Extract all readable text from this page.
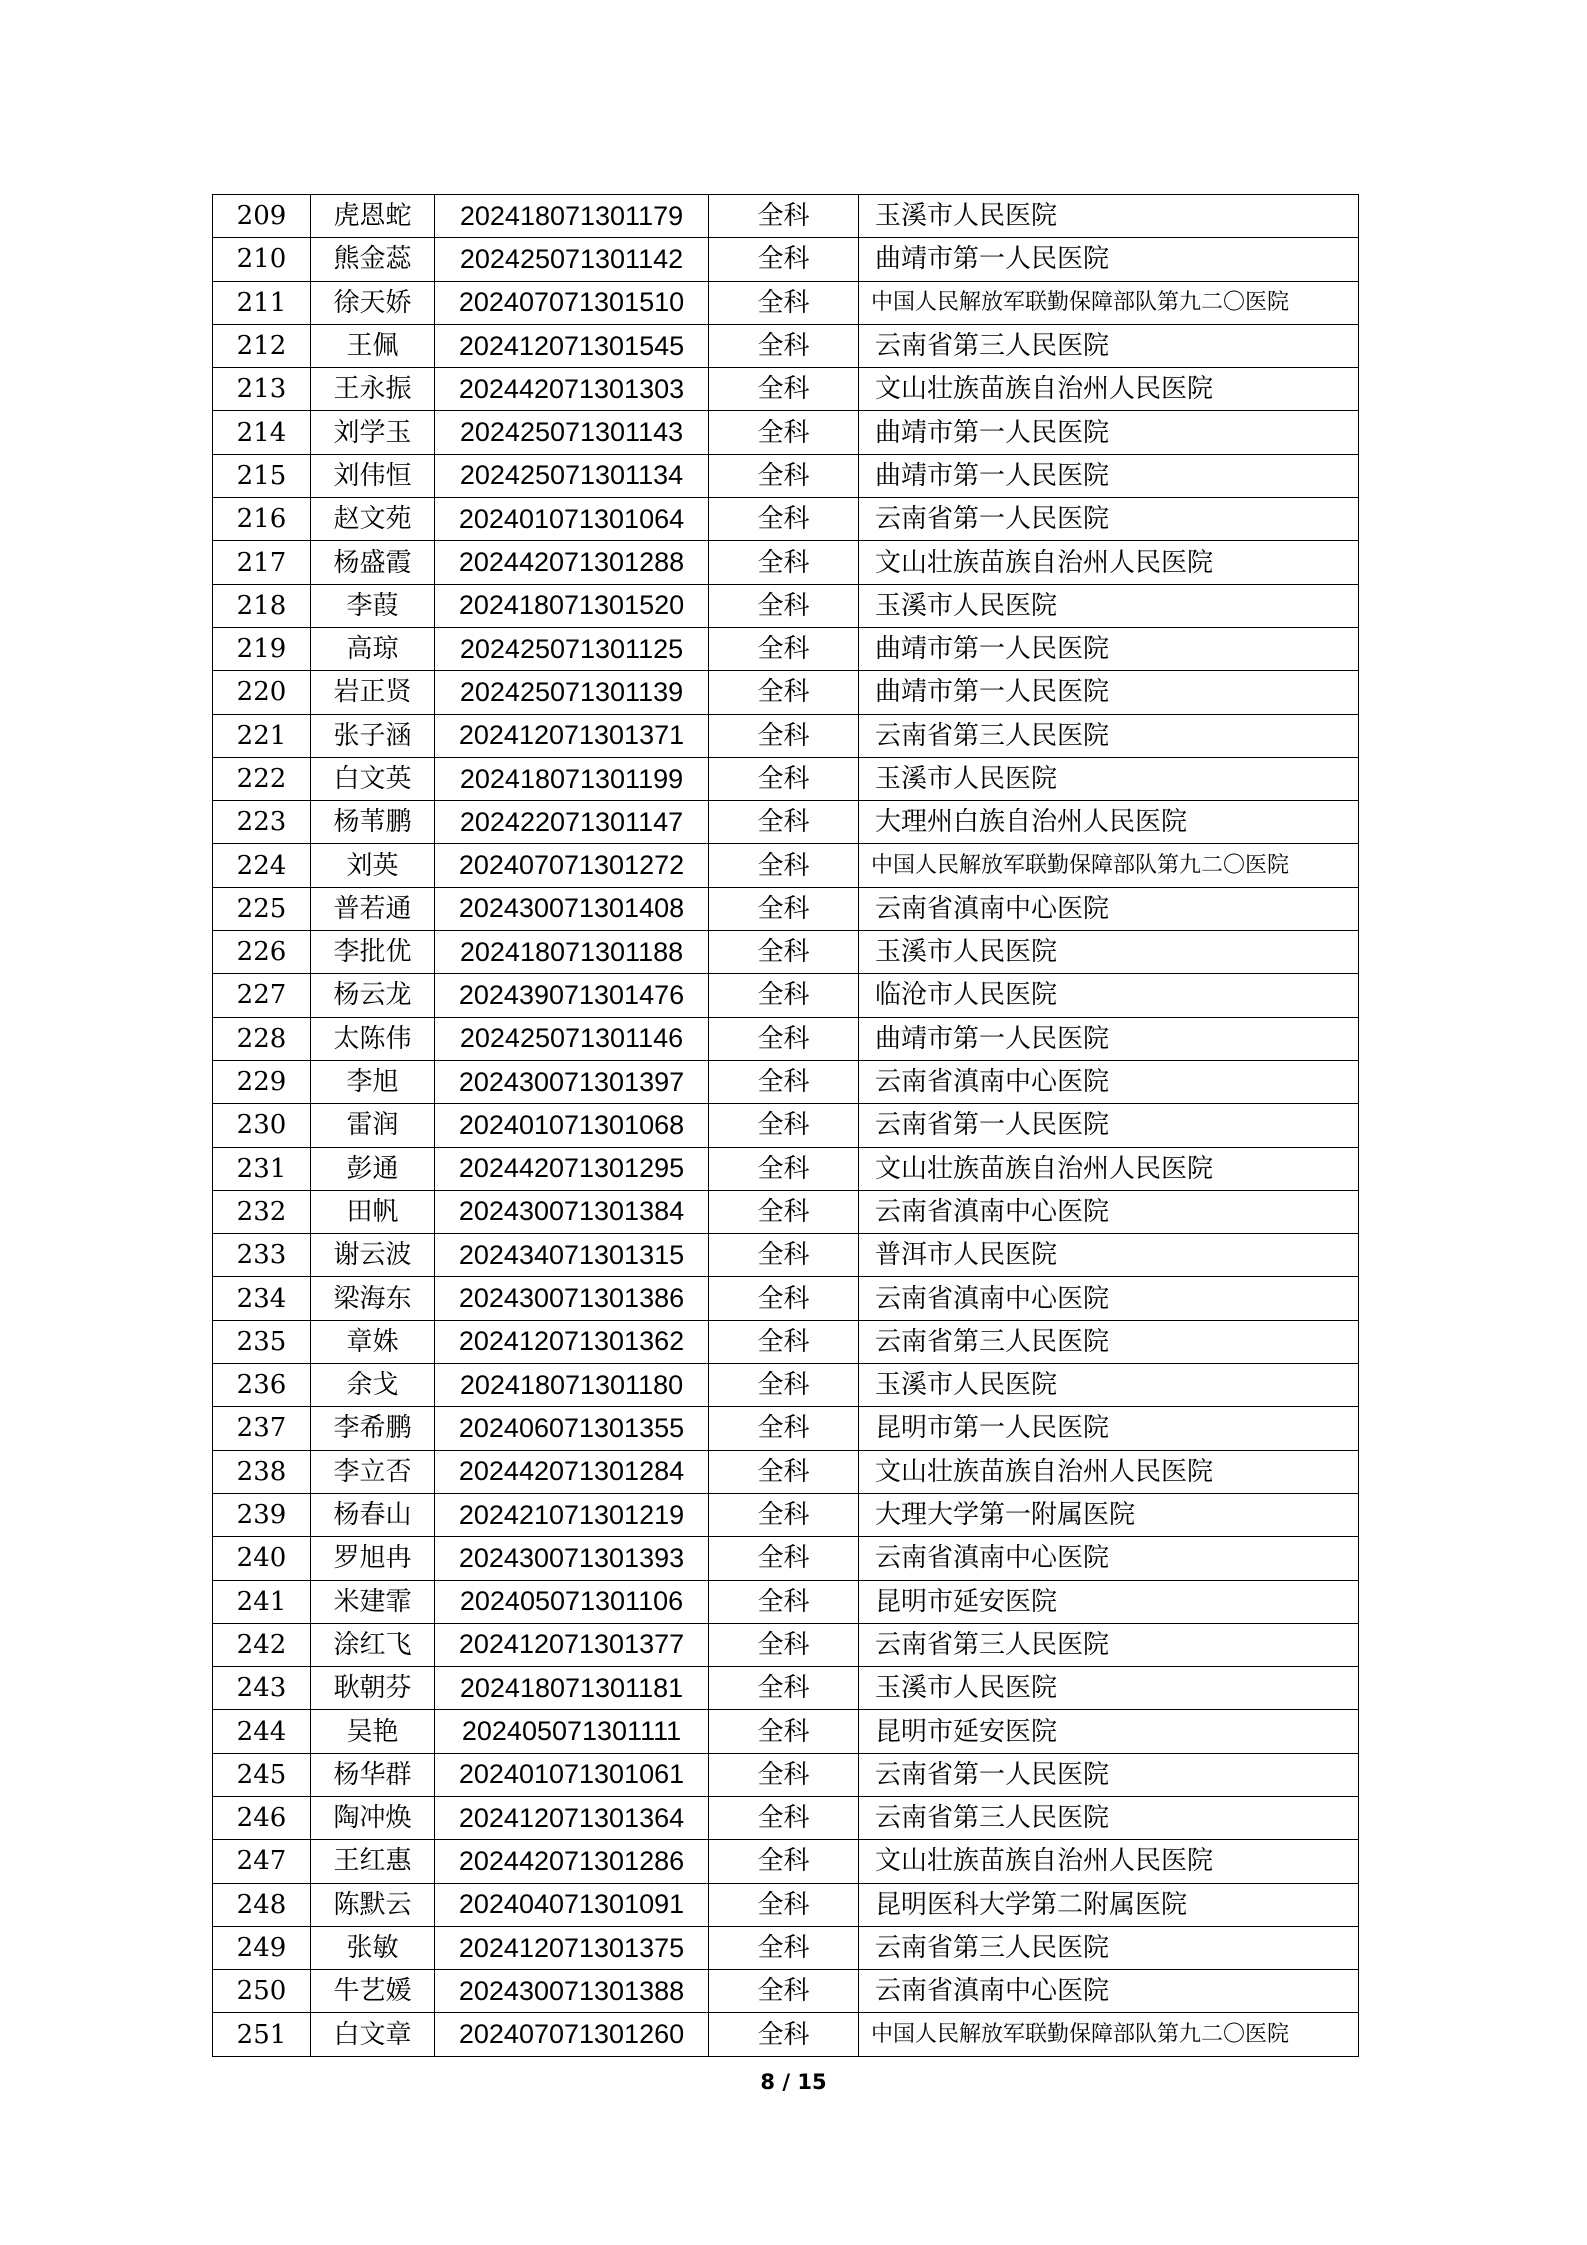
209	虎恩蛇	202418071301179	全科	玉溪市人民医院
210	熊金蕊	202425071301142	全科	曲靖市第一人民医院
211	徐天娇	202407071301510	全科	中国人民解放军联勤保障部队第九二〇医院
212	王佩	202412071301545	全科	云南省第三人民医院
213	王永振	202442071301303	全科	文山壮族苗族自治州人民医院
214	刘学玉	202425071301143	全科	曲靖市第一人民医院
215	刘伟恒	202425071301134	全科	曲靖市第一人民医院
216	赵文苑	202401071301064	全科	云南省第一人民医院
217	杨盛霞	202442071301288	全科	文山壮族苗族自治州人民医院
218	李葭	202418071301520	全科	玉溪市人民医院
219	高琼	202425071301125	全科	曲靖市第一人民医院
220	岩正贤	202425071301139	全科	曲靖市第一人民医院
221	张子涵	202412071301371	全科	云南省第三人民医院
222	白文英	202418071301199	全科	玉溪市人民医院
223	杨苇鹏	202422071301147	全科	大理州白族自治州人民医院
224	刘英	202407071301272	全科	中国人民解放军联勤保障部队第九二〇医院
225	普若通	202430071301408	全科	云南省滇南中心医院
226	李批优	202418071301188	全科	玉溪市人民医院
227	杨云龙	202439071301476	全科	临沧市人民医院
228	太陈伟	202425071301146	全科	曲靖市第一人民医院
229	李旭	202430071301397	全科	云南省滇南中心医院
230	雷润	202401071301068	全科	云南省第一人民医院
231	彭通	202442071301295	全科	文山壮族苗族自治州人民医院
232	田帆	202430071301384	全科	云南省滇南中心医院
233	谢云波	202434071301315	全科	普洱市人民医院
234	梁海东	202430071301386	全科	云南省滇南中心医院
235	章姝	202412071301362	全科	云南省第三人民医院
236	余戈	202418071301180	全科	玉溪市人民医院
237	李希鹏	202406071301355	全科	昆明市第一人民医院
238	李立否	202442071301284	全科	文山壮族苗族自治州人民医院
239	杨春山	202421071301219	全科	大理大学第一附属医院
240	罗旭冉	202430071301393	全科	云南省滇南中心医院
241	米建霏	202405071301106	全科	昆明市延安医院
242	涂红飞	202412071301377	全科	云南省第三人民医院
243	耿朝芬	202418071301181	全科	玉溪市人民医院
244	吴艳	202405071301111	全科	昆明市延安医院
245	杨华群	202401071301061	全科	云南省第一人民医院
246	陶冲焕	202412071301364	全科	云南省第三人民医院
247	王红惠	202442071301286	全科	文山壮族苗族自治州人民医院
248	陈默云	202404071301091	全科	昆明医科大学第二附属医院
249	张敏	202412071301375	全科	云南省第三人民医院
250	牛艺媛	202430071301388	全科	云南省滇南中心医院
251	白文章	202407071301260	全科	中国人民解放军联勤保障部队第九二〇医院
8 / 15
